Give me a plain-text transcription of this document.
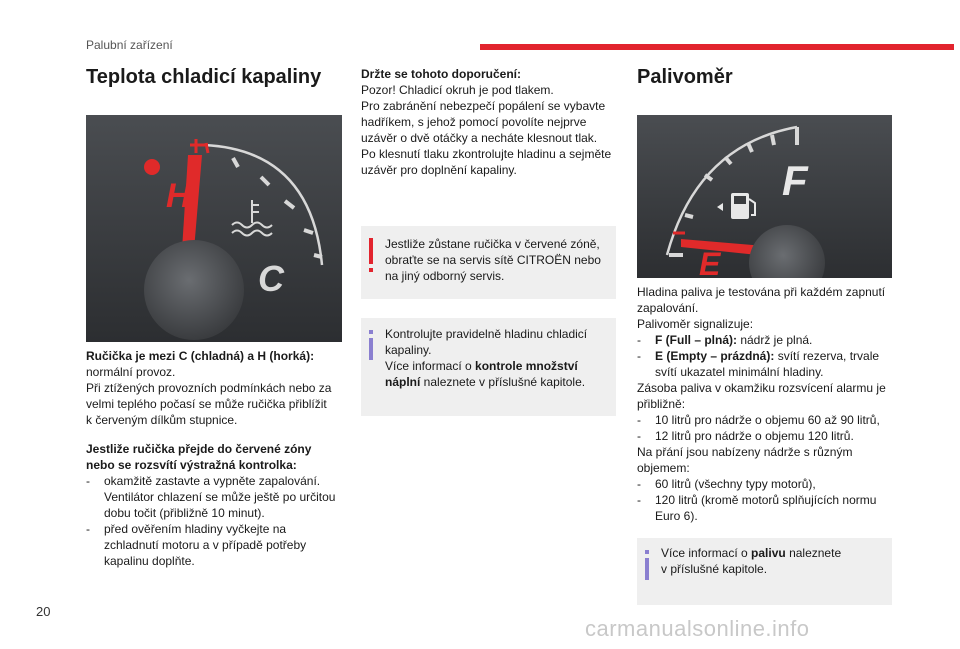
Palubní zařízení
Teplota chladicí kapaliny
H
C
Ručička je mezi C (chladná) a H (horká):
normální provoz.
Při ztížených provozních podmínkách nebo za
velmi teplého počasí se může ručička přiblížit
k červeným dílkům stupnice.
Jestliže ručička přejde do červené zóny
nebo se rozsvítí výstražná kontrolka:
-	okamžitě zastavte a vypněte zapalování.
Ventilátor chlazení se může ještě po určitou
dobu točit (přibližně 10 minut).
-	před ověřením hladiny vyčkejte na
zchladnutí motoru a v případě potřeby
kapalinu doplňte.
Držte se tohoto doporučení:
Pozor! Chladicí okruh je pod tlakem.
Pro zabránění nebezpečí popálení se vybavte
hadříkem, s jehož pomocí povolíte nejprve
uzávěr o dvě otáčky a necháte klesnout tlak.
Po klesnutí tlaku zkontrolujte hladinu a sejměte
uzávěr pro doplnění kapaliny.
Jestliže zůstane ručička v červené zóně,
obraťte se na servis sítě CITROËN nebo
na jiný odborný servis.
Kontrolujte pravidelně hladinu chladicí
kapaliny.
Více informací o kontrole množství
náplní naleznete v příslušné kapitole.
Palivoměr
E
F
Hladina paliva je testována při každém zapnutí
zapalování.
Palivoměr signalizuje:
-	F (Full – plná): nádrž je plná.
-	E (Empty – prázdná): svítí rezerva, trvale
svítí ukazatel minimální hladiny.
Zásoba paliva v okamžiku rozsvícení alarmu je
přibližně:
-	10 litrů pro nádrže o objemu 60 až 90 litrů,
-	12 litrů pro nádrže o objemu 120 litrů.
Na přání jsou nabízeny nádrže s různým
objemem:
-	60 litrů (všechny typy motorů),
-	120 litrů (kromě motorů splňujících normu
Euro 6).
Více informací o palivu naleznete
v příslušné kapitole.
20
carmanualsonline.info
